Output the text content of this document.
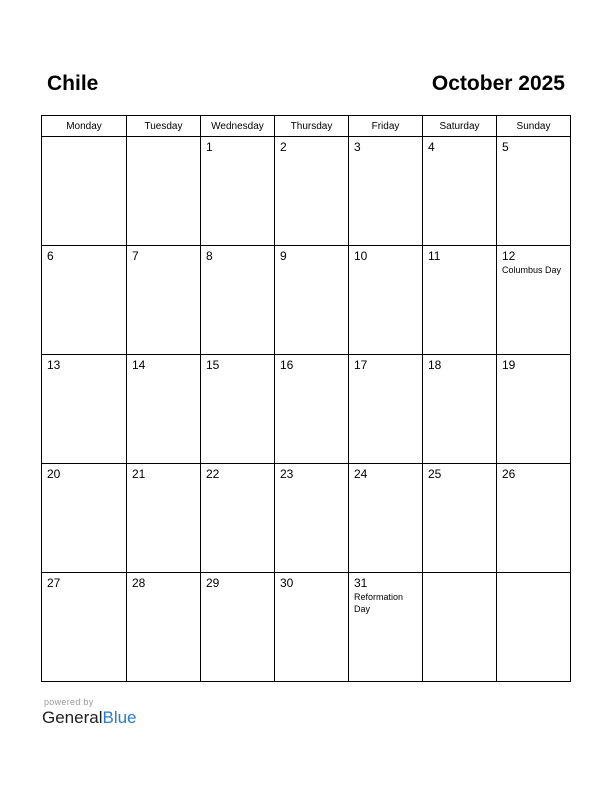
Chile	October 2025
Monday	Tuesday	Wednesday	Thursday	Friday	Saturday	Sunday

		1	2	3	4	5

6	7	8	9	10	11	12
Columbus Day

13	14	15	16	17	18	19

20	21	22	23	24	25	26

27	28	29	30	31
Reformation Day		

powered by
GeneralBlue
